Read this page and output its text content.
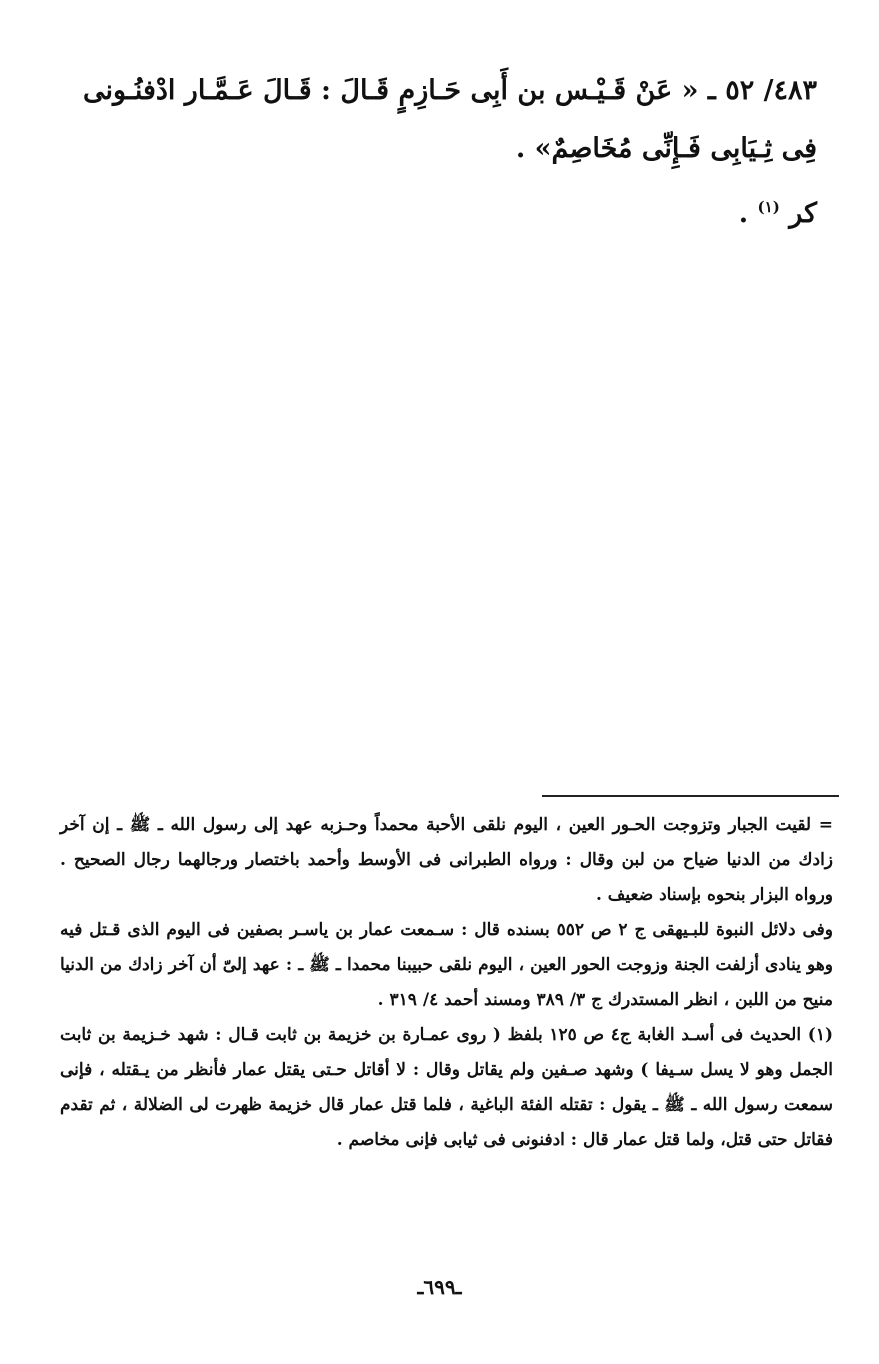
٤٨٣/ ٥٢ ـ « عَنْ قَـيْـس بن أَبِى حَـازِمٍ قَـالَ : قَـالَ عَـمَّـار ادْفنُـونى فِى ثِـيَابِى فَـإِنِّى مُخَاصِمٌ» .

كر $^{(١)}$ .

= لقيت الجبار وتزوجت الحـور العين ، اليوم نلقى الأحبة محمداً وحـزبه عهد إلى رسول الله ـ ﷺ ـ إن آخر زادك من الدنيا ضياح من لبن وقال : ورواه الطبرانى فى الأوسط وأحمد باختصار ورجالهما رجال الصحيح . ورواه البزار بنحوه بإسناد ضعيف .

وفى دلائل النبوة للبـيهقى ج ٢ ص ٥٥٢ بسنده قال : سـمعت عمار بن ياسـر بصفين فى اليوم الذى قـتل فيه وهو ينادى أزلفت الجنة وزوجت الحور العين ، اليوم نلقى حبيبنا محمدا ـ ﷺ ـ : عهد إلىّ أن آخر زادك من الدنيا منيح من اللبن ، انظر المستدرك ج ٣/ ٣٨٩ ومسند أحمد ٤/ ٣١٩ .

(١) الحديث فى أسـد الغابة ج٤ ص ١٢٥ بلفظ ( روى عمـارة بن خزيمة بن ثابت قـال : شهد خـزيمة بن ثابت الجمل وهو لا يسل سـيفا ) وشهد صـفين ولم يقاتل وقال : لا أقاتل حـتى يقتل عمار فأنظر من يـقتله ، فإنى سمعت رسول الله ـ ﷺ ـ يقول : تقتله الفئة الباغية ، فلما قتل عمار قال خزيمة ظهرت لى الضلالة ، ثم تقدم فقاتل حتى قتل، ولما قتل عمار قال : ادفنونى فى ثيابى فإنى مخاصم .

ـ٦٩٩ـ
